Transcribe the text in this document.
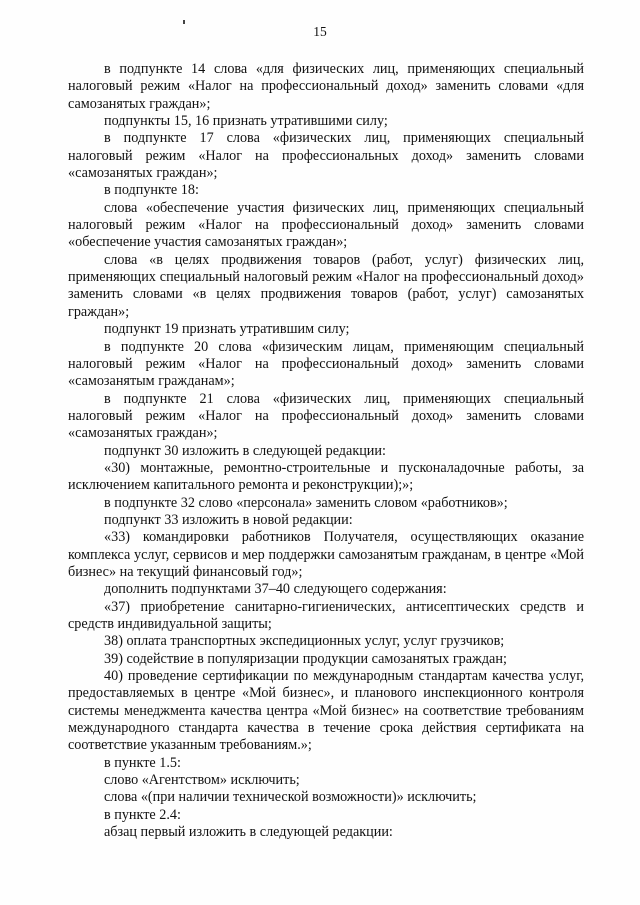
15

в подпункте 14 слова «для физических лиц, применяющих специальный налоговый режим «Налог на профессиональный доход» заменить словами «для самозанятых граждан»;

подпункты 15, 16 признать утратившими силу;

в подпункте 17 слова «физических лиц, применяющих специальный налоговый режим «Налог на профессиональных доход» заменить словами «самозанятых граждан»;

в подпункте 18:

слова «обеспечение участия физических лиц, применяющих специальный налоговый режим «Налог на профессиональный доход» заменить словами «обеспечение участия самозанятых граждан»;

слова «в целях продвижения товаров (работ, услуг) физических лиц, применяющих специальный налоговый режим «Налог на профессиональный доход» заменить словами «в целях продвижения товаров (работ, услуг) самозанятых граждан»;

подпункт 19 признать утратившим силу;

в подпункте 20 слова «физическим лицам, применяющим специальный налоговый режим «Налог на профессиональный доход» заменить словами «самозанятым гражданам»;

в подпункте 21 слова «физических лиц, применяющих специальный налоговый режим «Налог на профессиональный доход» заменить словами «самозанятых граждан»;

подпункт 30 изложить в следующей редакции:

«30) монтажные, ремонтно-строительные и пусконаладочные работы, за исключением капитального ремонта и реконструкции);»;

в подпункте 32 слово «персонала» заменить словом «работников»;

подпункт 33 изложить в новой редакции:

«33) командировки работников Получателя, осуществляющих оказание комплекса услуг, сервисов и мер поддержки самозанятым гражданам, в центре «Мой бизнес» на текущий финансовый год»;

дополнить подпунктами 37–40 следующего содержания:

«37) приобретение санитарно-гигиенических, антисептических средств и средств индивидуальной защиты;

38) оплата транспортных экспедиционных услуг, услуг грузчиков;

39) содействие в популяризации продукции самозанятых граждан;

40) проведение сертификации по международным стандартам качества услуг, предоставляемых в центре «Мой бизнес», и планового инспекционного контроля системы менеджмента качества центра «Мой бизнес» на соответствие требованиям международного стандарта качества в течение срока действия сертификата на соответствие указанным требованиям.»;

в пункте 1.5:

слово «Агентством» исключить;

слова «(при наличии технической возможности)» исключить;

в пункте 2.4:

абзац первый изложить в следующей редакции:
